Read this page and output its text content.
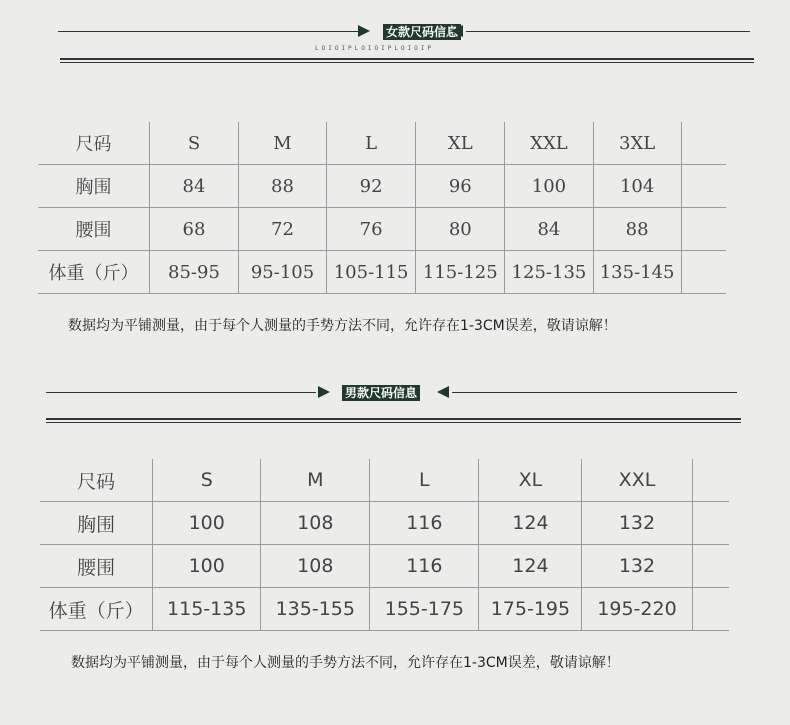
女款尺码信息
LOIOIPLOIOIPLOIOIP
尺码	S	M	L	XL	XXL	3XL	
胸围	84	88	92	96	100	104	
腰围	68	72	76	80	84	88	
体重（斤）	85-95	95-105	105-115	115-125	125-135	135-145	
数据均为平铺测量，由于每个人测量的手势方法不同，允许存在1-3CM误差，敬请谅解！
男款尺码信息
尺码	S	M	L	XL	XXL	
胸围	100	108	116	124	132	
腰围	100	108	116	124	132	
体重（斤）	115-135	135-155	155-175	175-195	195-220	
数据均为平铺测量，由于每个人测量的手势方法不同，允许存在1-3CM误差，敬请谅解！
